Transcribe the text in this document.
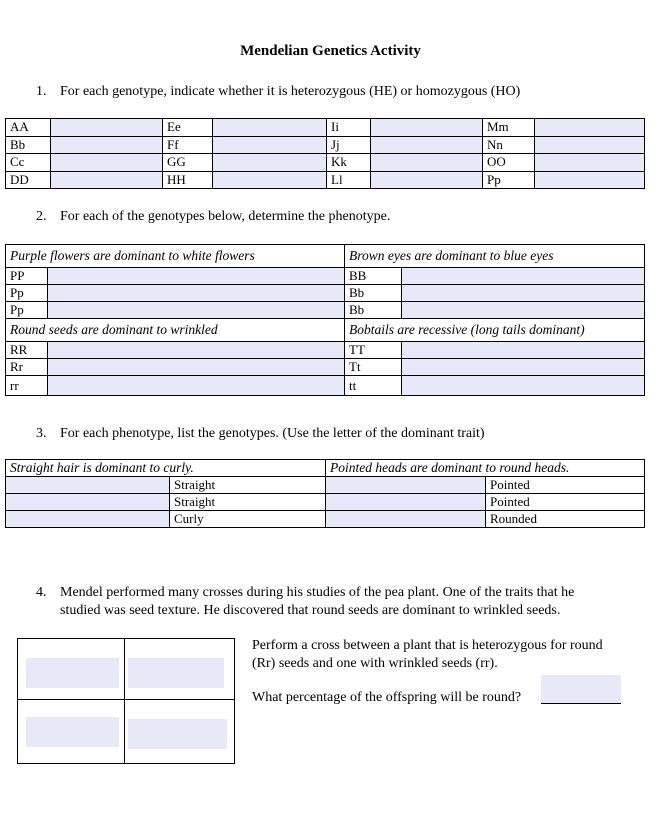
Mendelian Genetics Activity
1. For each genotype, indicate whether it is heterozygous (HE) or homozygous (HO)
AA		Ee		Ii		Mm	
Bb		Ff		Jj		Nn	
Cc		GG		Kk		OO	
DD		HH		Ll		Pp	
2. For each of the genotypes below, determine the phenotype.
Purple flowers are dominant to white flowers		Brown eyes are dominant to blue eyes	
PP		BB	
Pp		Bb	
Pp		Bb	
Round seeds are dominant to wrinkled		Bobtails are recessive (long tails dominant)	
RR		TT	
Rr		Tt	
rr		tt	
3. For each phenotype, list the genotypes. (Use the letter of the dominant trait)
Straight hair is dominant to curly.		Pointed heads are dominant to round heads.	
	Straight		Pointed
	Straight		Pointed
	Curly		Rounded
4. Mendel performed many crosses during his studies of the pea plant. One of the traits that he
studied was seed texture. He discovered that round seeds are dominant to wrinkled seeds.
Perform a cross between a plant that is heterozygous for round
(Rr) seeds and one with wrinkled seeds (rr).
What percentage of the offspring will be round?
